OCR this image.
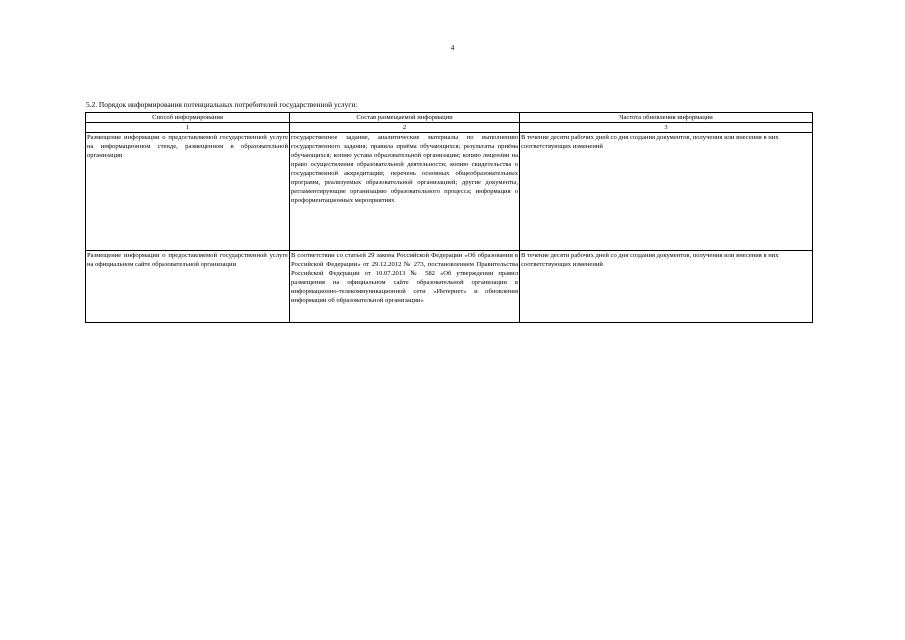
4
5.2. Порядок информирования потенциальных потребителей государственной услуги:
Способ информирования	Состав размещаемой информации	Частота обновления информации
1	2	3
Размещение информации о предоставляемой государственной услуге на информационном стенде, размещенном в образовательной организации	государственное задание, аналитические материалы по выполнению государственного задания; правила приёма обучающихся; результаты приёма обучающихся; копию устава образовательной организации; копию лицензии на право осуществления образовательной деятельности; копию свидетельства о государственной аккредитации; перечень основных общеобразовательных программ, реализуемых образовательной организацией; другие документы, регламентирующие организацию образовательного процесса; информация о профориентационных мероприятиях	В течение десяти рабочих дней со дня создания документов, получения или внесения в них соответствующих изменений
Размещение информации о предоставляемой государственной услуге на официальном сайте образовательной организации	В соответствии со статьей 29 закона Российской Федерации «Об образовании в Российской Федерации» от 29.12.2012 № 273, постановлением Правительства Российской Федерации от 10.07.2013 № 582 «Об утверждении правил размещения на официальном сайте образовательной организации в информационно-телекоммуникационной сети «Интернет» и обновления информации об образовательной организации»	В течение десяти рабочих дней со дня создания документов, получения или внесения в них соответствующих изменений
